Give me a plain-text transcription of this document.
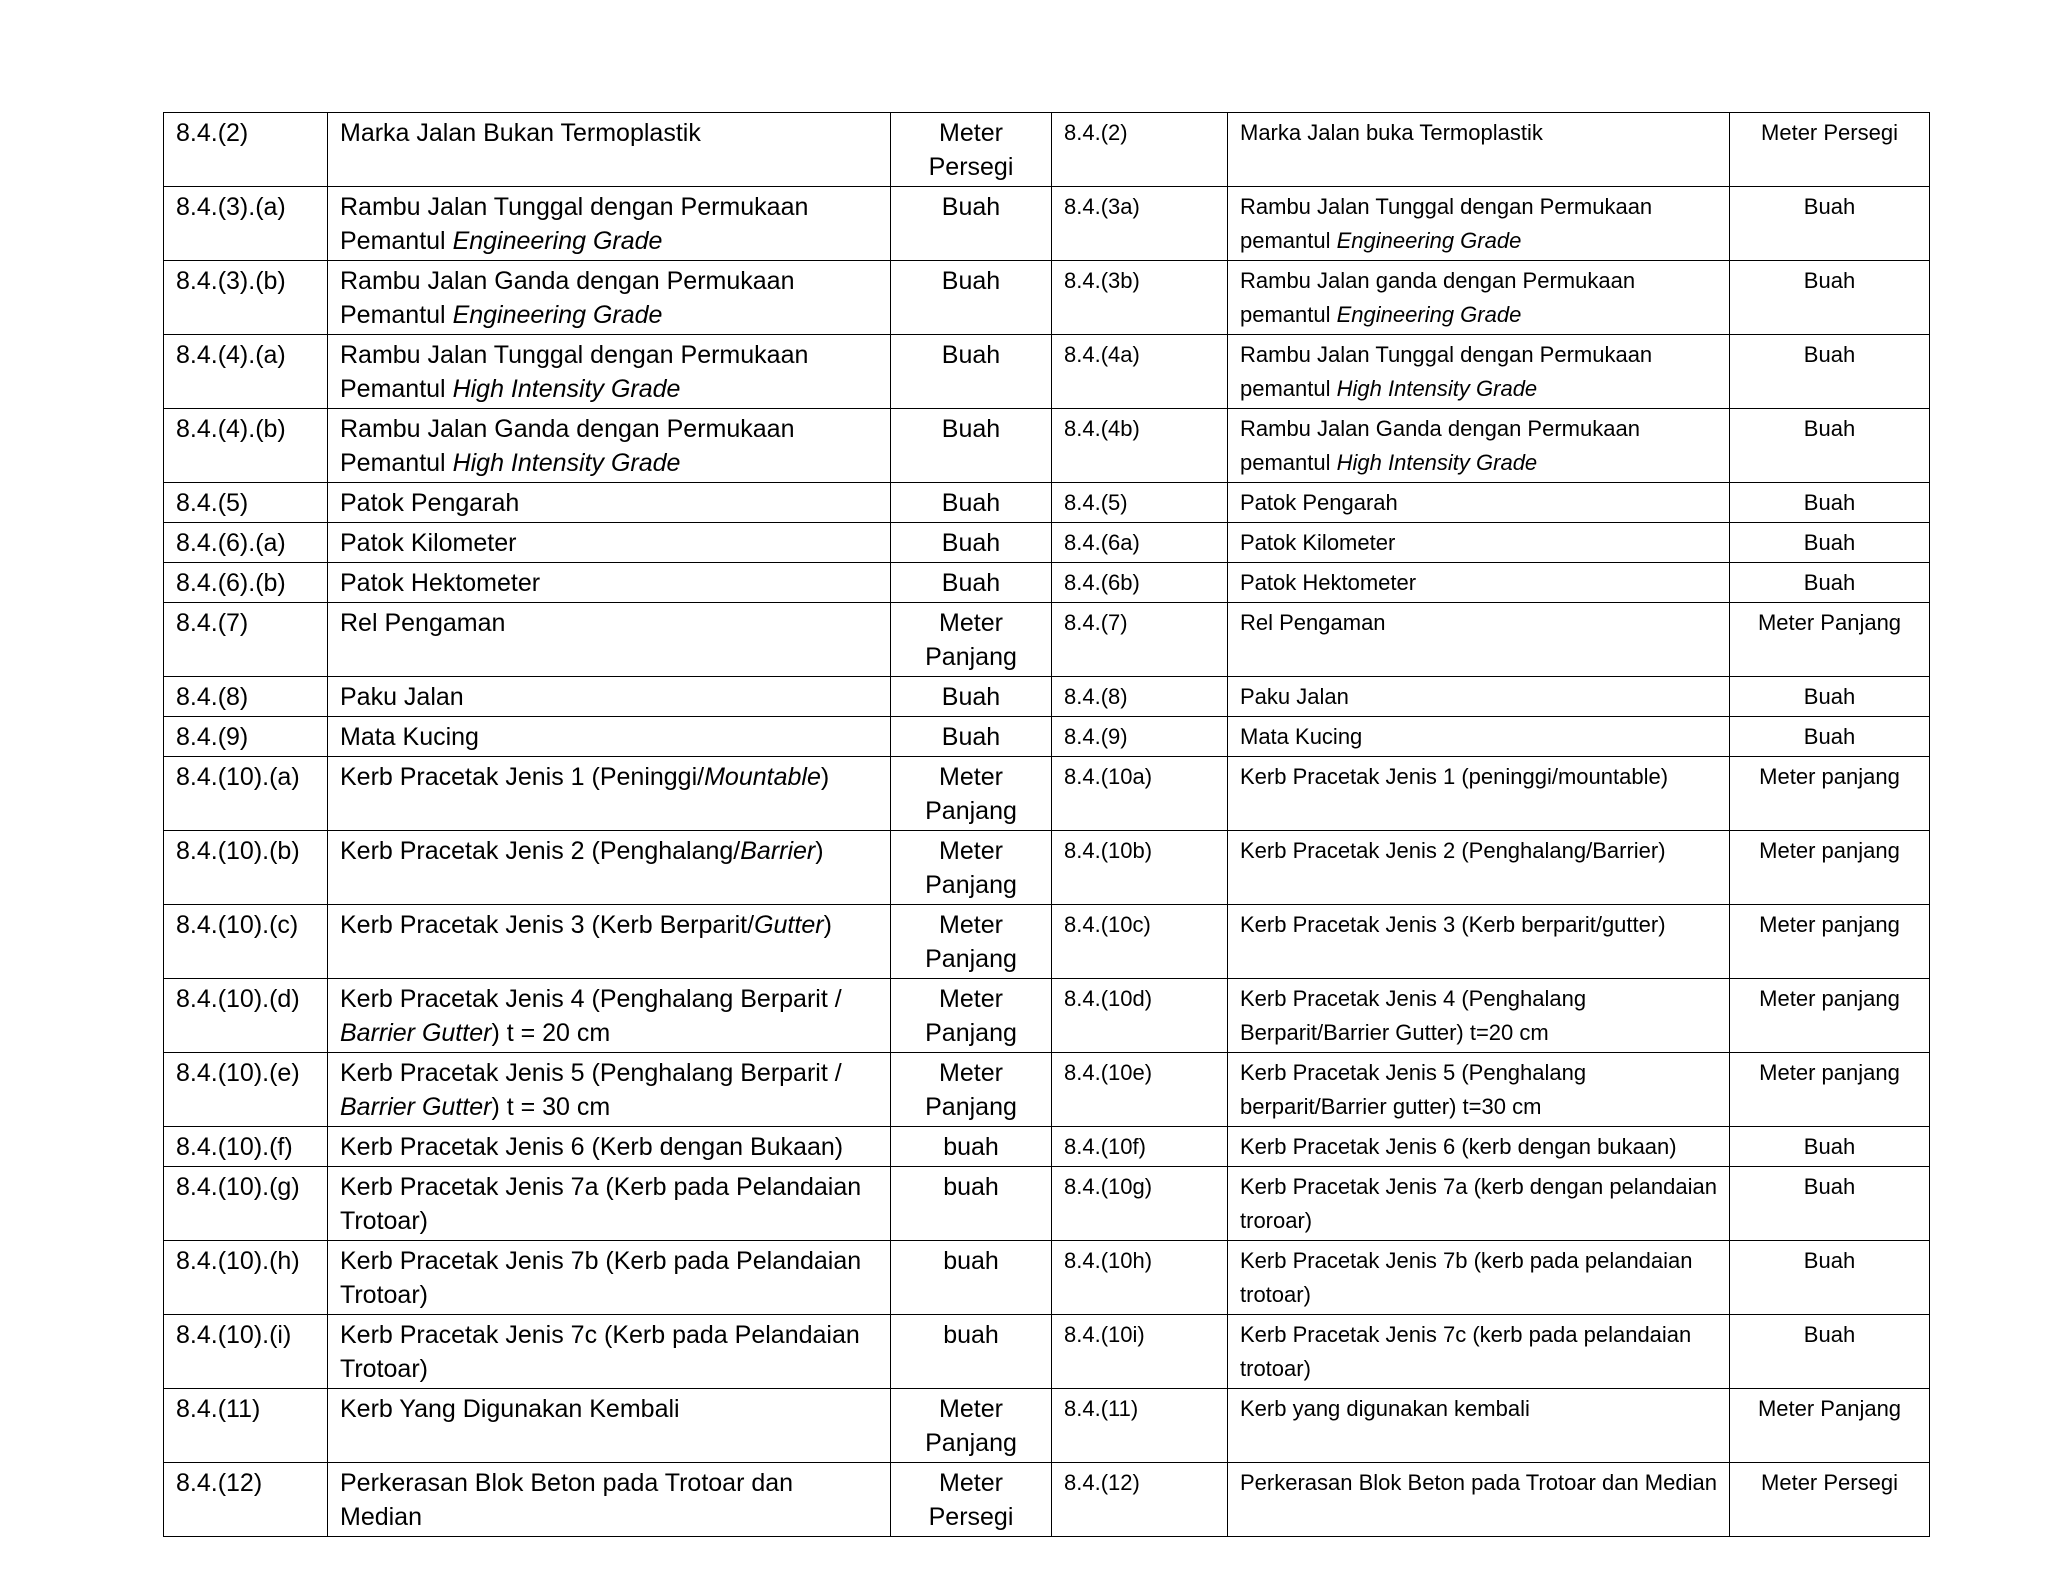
8.4.(2)	Marka Jalan Bukan Termoplastik	Meter Persegi	8.4.(2)	Marka Jalan buka Termoplastik	Meter Persegi
8.4.(3).(a)	Rambu Jalan Tunggal dengan Permukaan Pemantul Engineering Grade	Buah	8.4.(3a)	Rambu Jalan Tunggal dengan Permukaan pemantul Engineering Grade	Buah
8.4.(3).(b)	Rambu Jalan Ganda dengan Permukaan Pemantul Engineering Grade	Buah	8.4.(3b)	Rambu Jalan ganda dengan Permukaan pemantul Engineering Grade	Buah
8.4.(4).(a)	Rambu Jalan Tunggal dengan Permukaan Pemantul High Intensity Grade	Buah	8.4.(4a)	Rambu Jalan Tunggal dengan Permukaan pemantul High Intensity Grade	Buah
8.4.(4).(b)	Rambu Jalan Ganda dengan Permukaan Pemantul High Intensity Grade	Buah	8.4.(4b)	Rambu Jalan Ganda dengan Permukaan pemantul High Intensity Grade	Buah
8.4.(5)	Patok Pengarah	Buah	8.4.(5)	Patok Pengarah	Buah
8.4.(6).(a)	Patok Kilometer	Buah	8.4.(6a)	Patok Kilometer	Buah
8.4.(6).(b)	Patok Hektometer	Buah	8.4.(6b)	Patok Hektometer	Buah
8.4.(7)	Rel Pengaman	Meter Panjang	8.4.(7)	Rel Pengaman	Meter Panjang
8.4.(8)	Paku Jalan	Buah	8.4.(8)	Paku Jalan	Buah
8.4.(9)	Mata Kucing	Buah	8.4.(9)	Mata Kucing	Buah
8.4.(10).(a)	Kerb Pracetak Jenis 1 (Peninggi/Mountable)	Meter Panjang	8.4.(10a)	Kerb Pracetak Jenis 1 (peninggi/mountable)	Meter panjang
8.4.(10).(b)	Kerb Pracetak Jenis 2 (Penghalang/Barrier)	Meter Panjang	8.4.(10b)	Kerb Pracetak Jenis 2 (Penghalang/Barrier)	Meter panjang
8.4.(10).(c)	Kerb Pracetak Jenis 3 (Kerb Berparit/Gutter)	Meter Panjang	8.4.(10c)	Kerb Pracetak Jenis 3 (Kerb berparit/gutter)	Meter panjang
8.4.(10).(d)	Kerb Pracetak Jenis 4 (Penghalang Berparit / Barrier Gutter) t = 20 cm	Meter Panjang	8.4.(10d)	Kerb Pracetak Jenis 4 (Penghalang Berparit/Barrier Gutter) t=20 cm	Meter panjang
8.4.(10).(e)	Kerb Pracetak Jenis 5 (Penghalang Berparit / Barrier Gutter) t = 30 cm	Meter Panjang	8.4.(10e)	Kerb Pracetak Jenis 5 (Penghalang berparit/Barrier gutter) t=30 cm	Meter panjang
8.4.(10).(f)	Kerb Pracetak Jenis 6 (Kerb dengan Bukaan)	buah	8.4.(10f)	Kerb Pracetak Jenis 6 (kerb dengan bukaan)	Buah
8.4.(10).(g)	Kerb Pracetak Jenis 7a (Kerb pada Pelandaian Trotoar)	buah	8.4.(10g)	Kerb Pracetak Jenis 7a (kerb dengan pelandaian troroar)	Buah
8.4.(10).(h)	Kerb Pracetak Jenis 7b (Kerb pada Pelandaian Trotoar)	buah	8.4.(10h)	Kerb Pracetak Jenis 7b (kerb pada pelandaian trotoar)	Buah
8.4.(10).(i)	Kerb Pracetak Jenis 7c (Kerb pada Pelandaian Trotoar)	buah	8.4.(10i)	Kerb Pracetak Jenis 7c (kerb pada pelandaian trotoar)	Buah
8.4.(11)	Kerb Yang Digunakan Kembali	Meter Panjang	8.4.(11)	Kerb yang digunakan kembali	Meter Panjang
8.4.(12)	Perkerasan Blok Beton pada Trotoar dan Median	Meter Persegi	8.4.(12)	Perkerasan Blok Beton pada Trotoar dan Median	Meter Persegi
